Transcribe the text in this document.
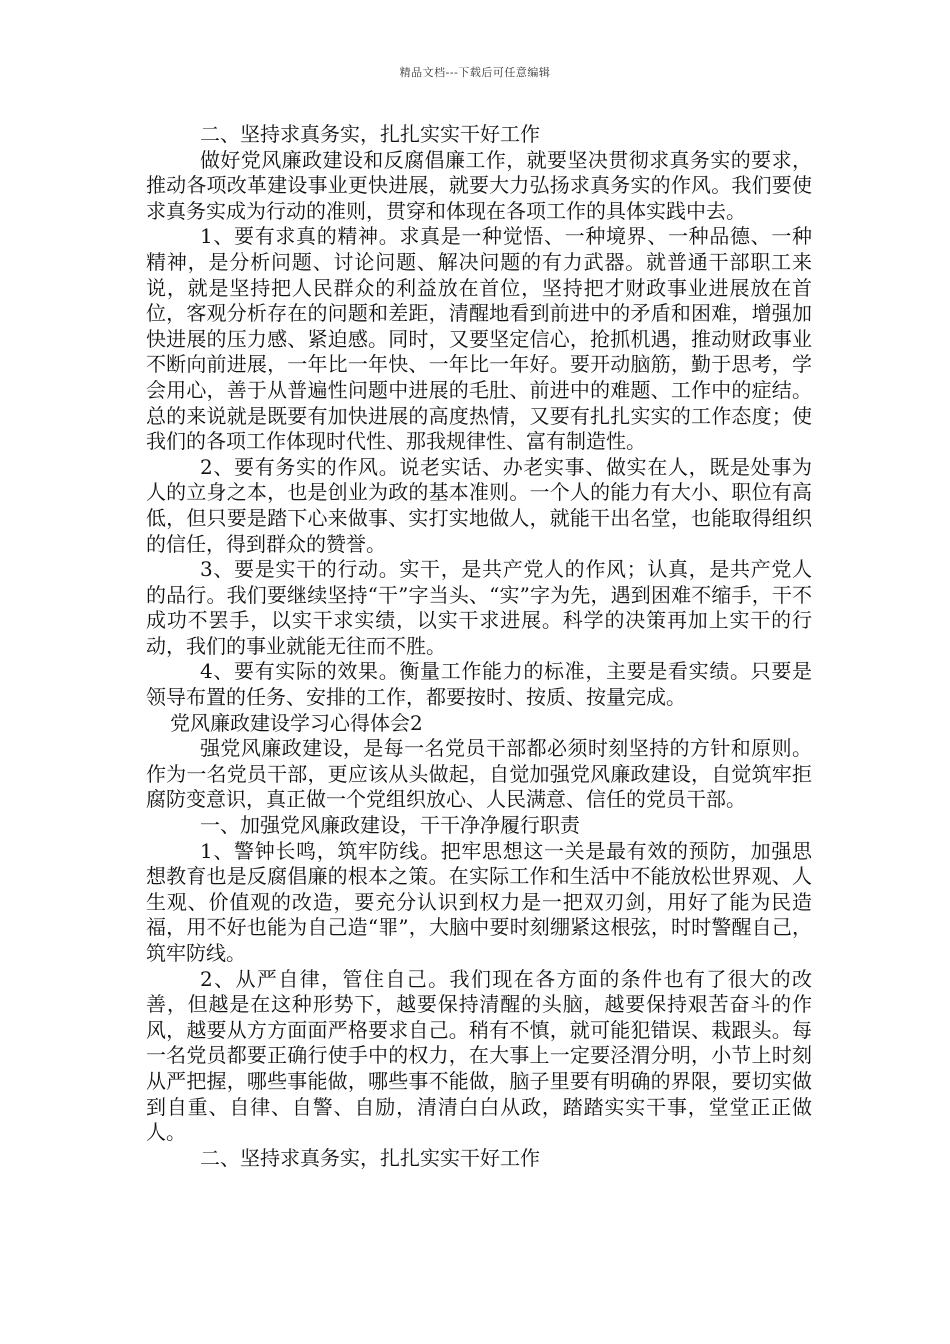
精品文档---下载后可任意编辑

二、坚持求真务实，扎扎实实干好工作

做好党风廉政建设和反腐倡廉工作，就要坚决贯彻求真务实的要求，推动各项改革建设事业更快进展，就要大力弘扬求真务实的作风。我们要使求真务实成为行动的准则，贯穿和体现在各项工作的具体实践中去。

1、要有求真的精神。求真是一种觉悟、一种境界、一种品德、一种精神，是分析问题、讨论问题、解决问题的有力武器。就普通干部职工来说，就是坚持把人民群众的利益放在首位，坚持把才财政事业进展放在首位，客观分析存在的问题和差距，清醒地看到前进中的矛盾和困难，增强加快进展的压力感、紧迫感。同时，又要坚定信心，抢抓机遇，推动财政事业不断向前进展，一年比一年快、一年比一年好。要开动脑筋，勤于思考，学会用心，善于从普遍性问题中进展的毛肚、前进中的难题、工作中的症结。总的来说就是既要有加快进展的高度热情，又要有扎扎实实的工作态度；使我们的各项工作体现时代性、那我规律性、富有制造性。

2、要有务实的作风。说老实话、办老实事、做实在人，既是处事为人的立身之本，也是创业为政的基本准则。一个人的能力有大小、职位有高低，但只要是踏下心来做事、实打实地做人，就能干出名堂，也能取得组织的信任，得到群众的赞誉。

3、要是实干的行动。实干，是共产党人的作风；认真，是共产党人的品行。我们要继续坚持“干”字当头、“实”字为先，遇到困难不缩手，干不成功不罢手，以实干求实绩，以实干求进展。科学的决策再加上实干的行动，我们的事业就能无往而不胜。

4、要有实际的效果。衡量工作能力的标准，主要是看实绩。只要是领导布置的任务、安排的工作，都要按时、按质、按量完成。

党风廉政建设学习心得体会2

强党风廉政建设，是每一名党员干部都必须时刻坚持的方针和原则。作为一名党员干部，更应该从头做起，自觉加强党风廉政建设，自觉筑牢拒腐防变意识，真正做一个党组织放心、人民满意、信任的党员干部。

一、加强党风廉政建设，干干净净履行职责

1、警钟长鸣，筑牢防线。把牢思想这一关是最有效的预防，加强思想教育也是反腐倡廉的根本之策。在实际工作和生活中不能放松世界观、人生观、价值观的改造，要充分认识到权力是一把双刃剑，用好了能为民造福，用不好也能为自己造“罪”，大脑中要时刻绷紧这根弦，时时警醒自己，筑牢防线。

2、从严自律，管住自己。我们现在各方面的条件也有了很大的改善，但越是在这种形势下，越要保持清醒的头脑，越要保持艰苦奋斗的作风，越要从方方面面严格要求自己。稍有不慎，就可能犯错误、栽跟头。每一名党员都要正确行使手中的权力，在大事上一定要泾渭分明，小节上时刻从严把握，哪些事能做，哪些事不能做，脑子里要有明确的界限，要切实做到自重、自律、自警、自励，清清白白从政，踏踏实实干事，堂堂正正做人。

二、坚持求真务实，扎扎实实干好工作
